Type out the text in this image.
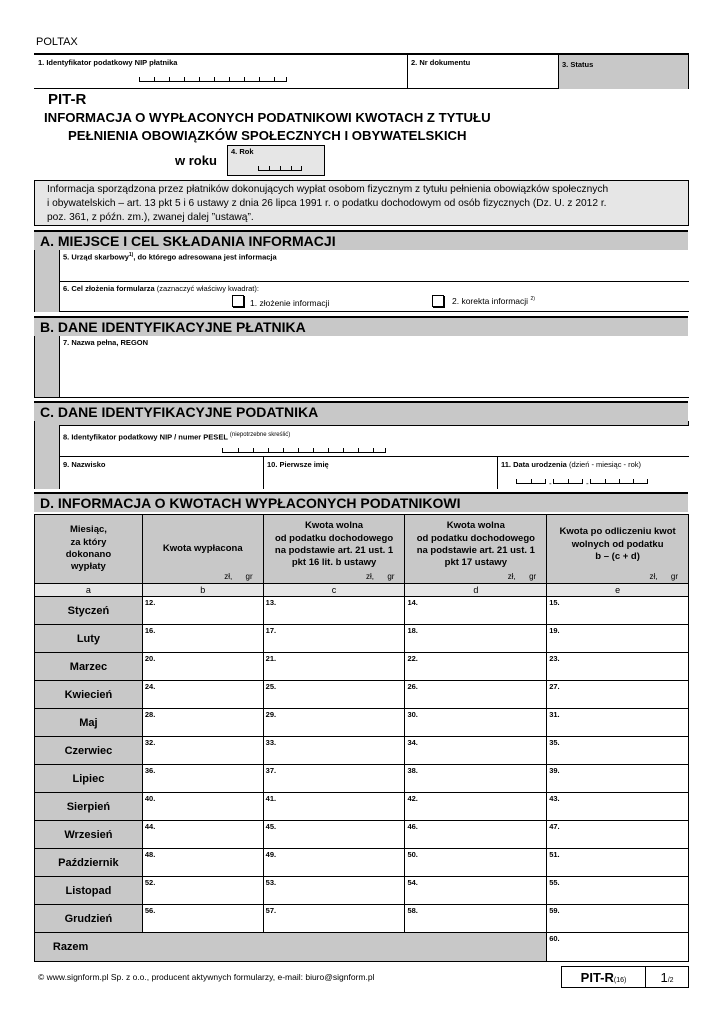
POLTAX
1. Identyfikator podatkowy NIP płatnika	2. Nr dokumentu	3. Status
PIT-R
INFORMACJA O WYPŁACONYCH PODATNIKOWI KWOTACH Z TYTUŁU
PEŁNIENIA OBOWIĄZKÓW SPOŁECZNYCH I OBYWATELSKICH
w roku
4. Rok
Informacja sporządzona przez płatników dokonujących wypłat osobom fizycznym z tytułu pełnienia obowiązków społecznych
i obywatelskich – art. 13 pkt 5 i 6 ustawy z dnia 26 lipca 1991 r. o podatku dochodowym od osób fizycznych (Dz. U. z 2012 r.
poz. 361, z późn. zm.), zwanej dalej ”ustawą”.
A. MIEJSCE I CEL SKŁADANIA INFORMACJI
5. Urząd skarbowy$^{1)}$, do którego adresowana jest informacja
6. Cel złożenia formularza (zaznaczyć właściwy kwadrat):
1. złożenie informacji	2. korekta informacji $^{2)}$
B. DANE IDENTYFIKACYJNE PŁATNIKA
7. Nazwa pełna, REGON
C. DANE IDENTYFIKACYJNE PODATNIKA
8. Identyfikator podatkowy NIP / numer PESEL $^{(niepotrzebne skreślić)}$
9. Nazwisko	10. Pierwsze imię	11. Data urodzenia (dzień - miesiąc - rok)
-	-
D. INFORMACJA O KWOTACH WYPŁACONYCH PODATNIKOWI
Miesiąc,
za który
dokonano
wypłaty	Kwota wypłacona
zł, gr	Kwota wolna
od podatku dochodowego
na podstawie art. 21 ust. 1
pkt 16 lit. b ustawy
zł, gr	Kwota wolna
od podatku dochodowego
na podstawie art. 21 ust. 1
pkt 17 ustawy
zł, gr	Kwota po odliczeniu kwot
wolnych od podatku
b – (c + d)
zł, gr

a	b	c	d	e
Styczeń	12.	13.	14.	15.
Luty	16.	17.	18.	19.
Marzec	20.	21.	22.	23.
Kwiecień	24.	25.	26.	27.
Maj	28.	29.	30.	31.
Czerwiec	32.	33.	34.	35.
Lipiec	36.	37.	38.	39.
Sierpień	40.	41.	42.	43.
Wrzesień	44.	45.	46.	47.
Październik	48.	49.	50.	51.
Listopad	52.	53.	54.	55.
Grudzień	56.	57.	58.	59.
Razem				60.
© www.signform.pl Sp. z o.o., producent aktywnych formularzy, e-mail: biuro@signform.pl	PIT-R (16)	1 /2
